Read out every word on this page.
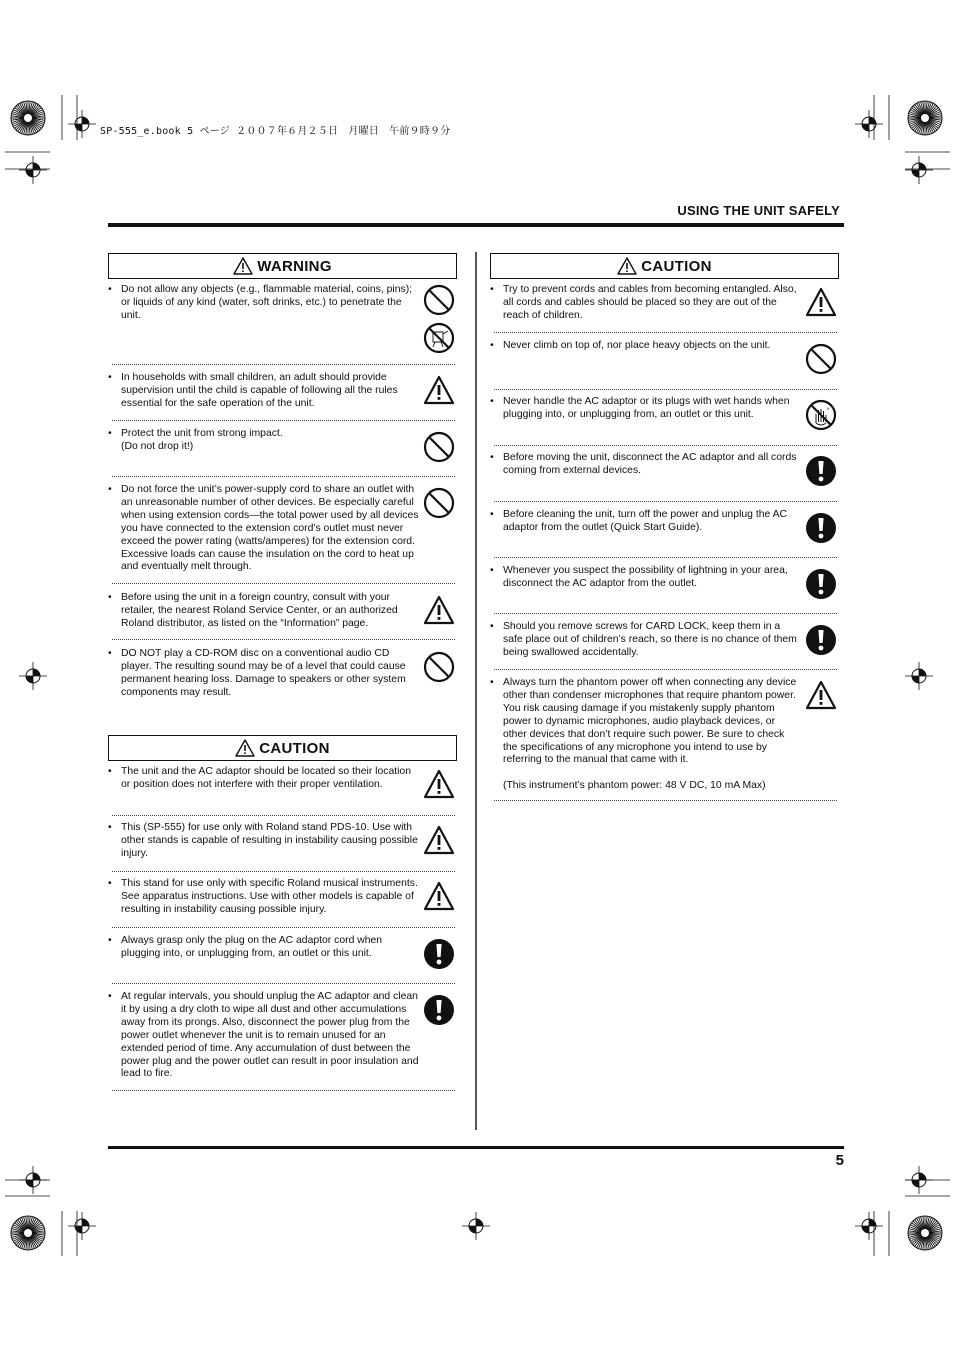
SP-555_e.book 5 ページ ２００７年６月２５日　月曜日　午前９時９分
USING THE UNIT SAFELY
5
WARNING
CAUTION
CAUTION
• Do not allow any objects (e.g., flammable material, coins, pins); or liquids of any kind (water, soft drinks, etc.) to penetrate the unit.
• In households with small children, an adult should provide supervision until the child is capable of following all the rules essential for the safe operation of the unit.
• Protect the unit from strong impact.
(Do not drop it!)
• Do not force the unit’s power-supply cord to share an outlet with an unreasonable number of other devices. Be especially careful when using extension cords—the total power used by all devices you have connected to the extension cord’s outlet must never exceed the power rating (watts/amperes) for the extension cord. Excessive loads can cause the insulation on the cord to heat up and eventually melt through.
• Before using the unit in a foreign country, consult with your retailer, the nearest Roland Service Center, or an authorized Roland distributor, as listed on the “Information” page.
• DO NOT play a CD-ROM disc on a conventional audio CD player. The resulting sound may be of a level that could cause permanent hearing loss. Damage to speakers or other system components may result.
• The unit and the AC adaptor should be located so their location or position does not interfere with their proper ventilation.
• This (SP-555) for use only with Roland stand PDS-10. Use with other stands is capable of resulting in instability causing possible injury.
• This stand for use only with specific Roland musical instruments. See apparatus instructions. Use with other models is capable of resulting in instability causing possible injury.
• Always grasp only the plug on the AC adaptor cord when plugging into, or unplugging from, an outlet or this unit.
• At regular intervals, you should unplug the AC adaptor and clean it by using a dry cloth to wipe all dust and other accumulations away from its prongs. Also, disconnect the power plug from the power outlet whenever the unit is to remain unused for an extended period of time. Any accumulation of dust between the power plug and the power outlet can result in poor insulation and lead to fire.
• Try to prevent cords and cables from becoming entangled. Also, all cords and cables should be placed so they are out of the reach of children.
• Never climb on top of, nor place heavy objects on the unit.
• Never handle the AC adaptor or its plugs with wet hands when plugging into, or unplugging from, an outlet or this unit.
• Before moving the unit, disconnect the AC adaptor and all cords coming from external devices.
• Before cleaning the unit, turn off the power and unplug the AC adaptor from the outlet (Quick Start Guide).
• Whenever you suspect the possibility of lightning in your area, disconnect the AC adaptor from the outlet.
• Should you remove screws for CARD LOCK, keep them in a safe place out of children’s reach, so there is no chance of them being swallowed accidentally.
• Always turn the phantom power off when connecting any device other than condenser microphones that require phantom power. You risk causing damage if you mistakenly supply phantom power to dynamic microphones, audio playback devices, or other devices that don’t require such power. Be sure to check the specifications of any microphone you intend to use by referring to the manual that came with it.

(This instrument’s phantom power: 48 V DC, 10 mA Max)
